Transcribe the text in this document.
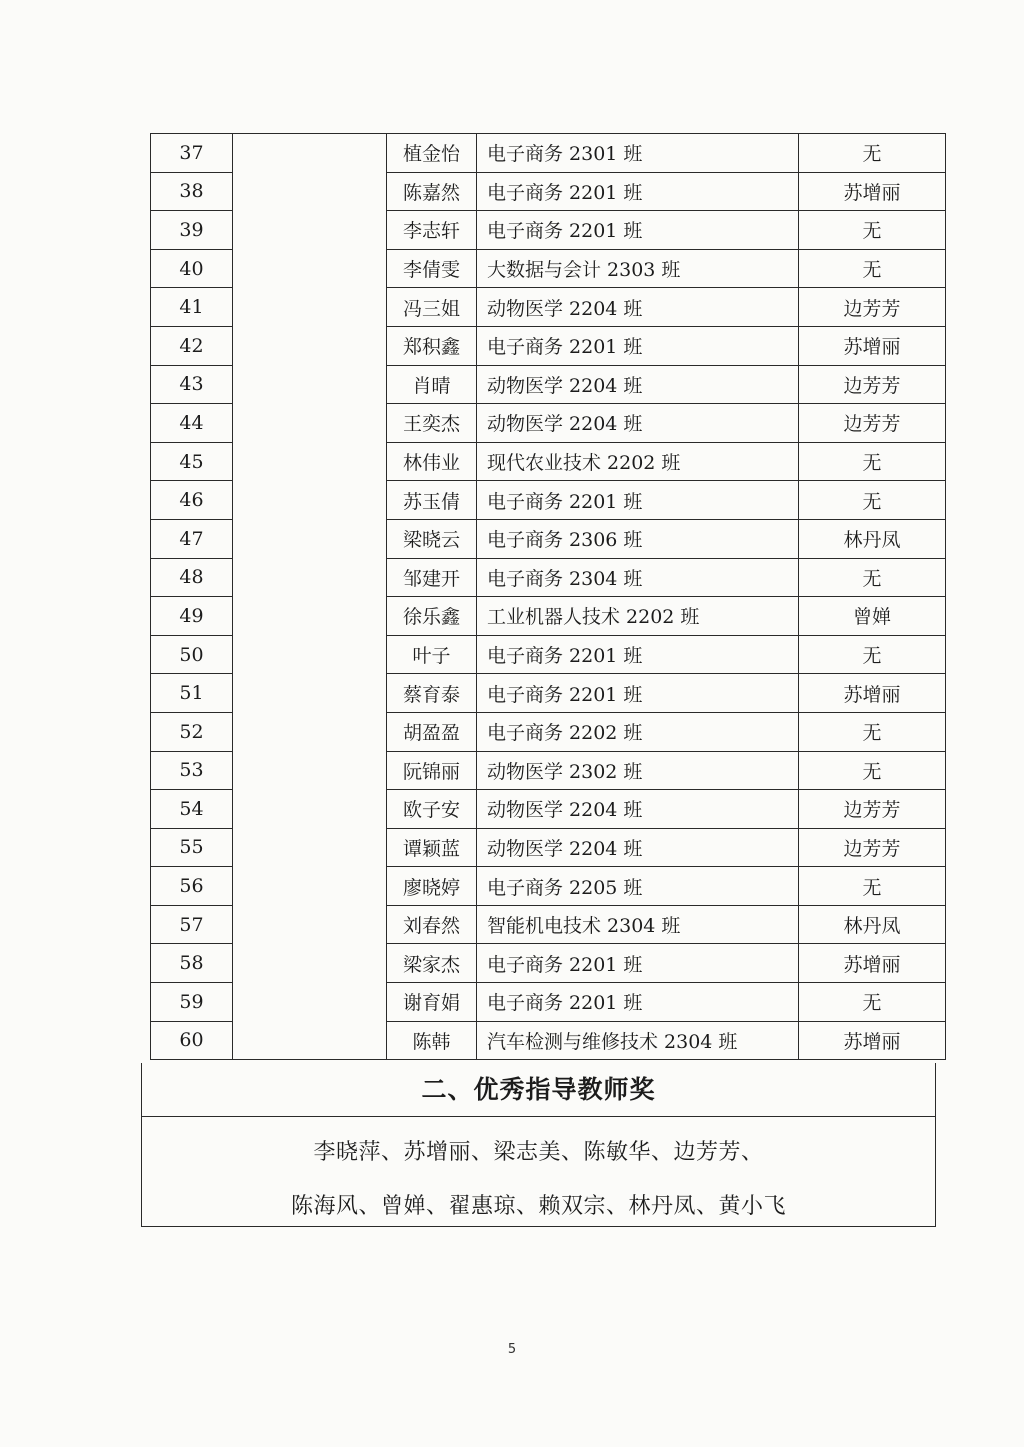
37		植金怡	电子商务 2301 班	无
38		陈嘉然	电子商务 2201 班	苏增丽
39		李志轩	电子商务 2201 班	无
40		李倩雯	大数据与会计 2303 班	无
41		冯三姐	动物医学 2204 班	边芳芳
42		郑积鑫	电子商务 2201 班	苏增丽
43		肖晴	动物医学 2204 班	边芳芳
44		王奕杰	动物医学 2204 班	边芳芳
45		林伟业	现代农业技术 2202 班	无
46		苏玉倩	电子商务 2201 班	无
47		梁晓云	电子商务 2306 班	林丹凤
48		邹建开	电子商务 2304 班	无
49		徐乐鑫	工业机器人技术 2202 班	曾婵
50		叶子	电子商务 2201 班	无
51		蔡育泰	电子商务 2201 班	苏增丽
52		胡盈盈	电子商务 2202 班	无
53		阮锦丽	动物医学 2302 班	无
54		欧子安	动物医学 2204 班	边芳芳
55		谭颖蓝	动物医学 2204 班	边芳芳
56		廖晓婷	电子商务 2205 班	无
57		刘春然	智能机电技术 2304 班	林丹凤
58		梁家杰	电子商务 2201 班	苏增丽
59		谢育娟	电子商务 2201 班	无
60		陈韩	汽车检测与维修技术 2304 班	苏增丽
二、优秀指导教师奖
李晓萍、苏增丽、梁志美、陈敏华、边芳芳、
陈海风、曾婵、翟惠琼、赖双宗、林丹凤、黄小飞
5
